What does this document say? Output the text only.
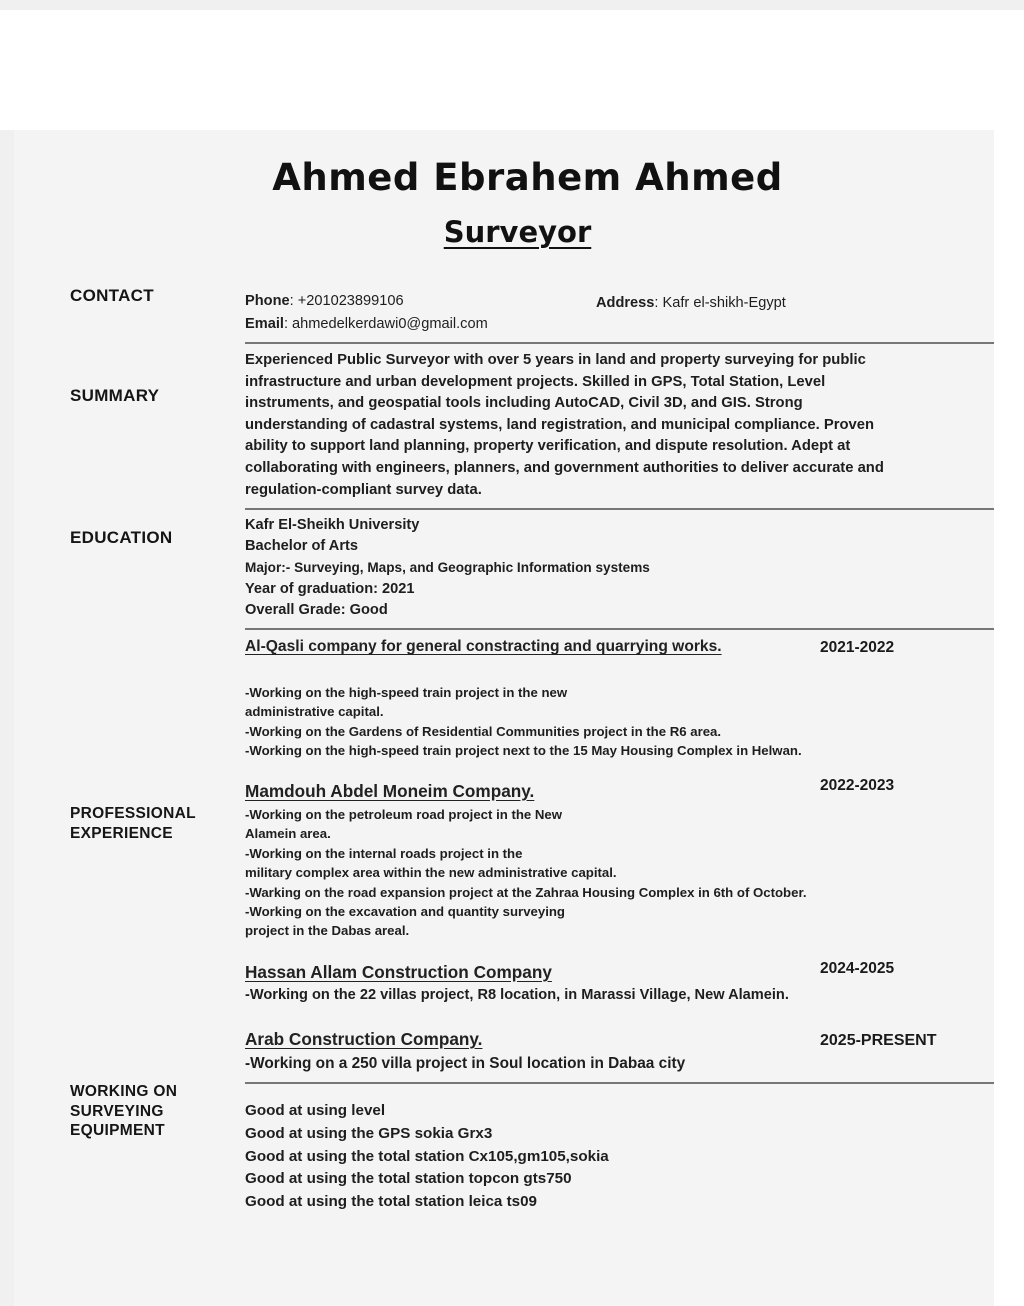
Ahmed Ebrahem Ahmed
Surveyor
CONTACT
SUMMARY
EDUCATION
PROFESSIONAL
EXPERIENCE
WORKING ON
SURVEYING
EQUIPMENT
Phone: +201023899106	Address: Kafr el-shikh-Egypt
Email: ahmedelkerdawi0@gmail.com
Experienced Public Surveyor with over 5 years in land and property surveying for public
infrastructure and urban development projects. Skilled in GPS, Total Station, Level
instruments, and geospatial tools including AutoCAD, Civil 3D, and GIS. Strong
understanding of cadastral systems, land registration, and municipal compliance. Proven
ability to support land planning, property verification, and dispute resolution. Adept at
collaborating with engineers, planners, and government authorities to deliver accurate and
regulation-compliant survey data.
Kafr El-Sheikh University
Bachelor of Arts
Major:- Surveying, Maps, and Geographic Information systems
Year of graduation: 2021
Overall Grade: Good
Al-Qasli company for general constracting and quarrying works.	2021-2022
-Working on the high-speed train project in the new
administrative capital.
-Working on the Gardens of Residential Communities project in the R6 area.
-Working on the high-speed train project next to the 15 May Housing Complex in Helwan.
Mamdouh Abdel Moneim Company.	2022-2023
-Working on the petroleum road project in the New
Alamein area.
-Working on the internal roads project in the
military complex area within the new administrative capital.
-Warking on the road expansion project at the Zahraa Housing Complex in 6th of October.
-Working on the excavation and quantity surveying
project in the Dabas areal.
Hassan Allam Construction Company	2024-2025
-Working on the 22 villas project, R8 location, in Marassi Village, New Alamein.
Arab Construction Company.	2025-PRESENT
-Working on a 250 villa project in Soul location in Dabaa city
Good at using level
Good at using the GPS sokia Grx3
Good at using the total station Cx105,gm105,sokia
Good at using the total station topcon gts750
Good at using the total station leica ts09
